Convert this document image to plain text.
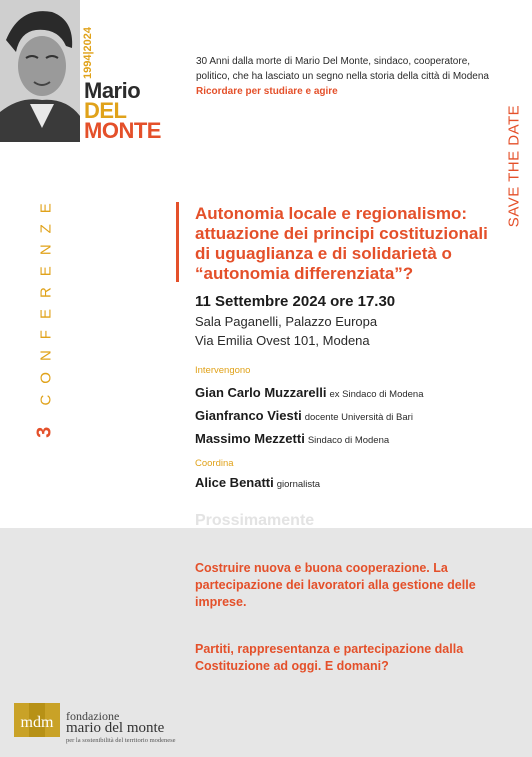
1994|2024
Mario
DEL
MONTE
30 Anni dalla morte di Mario Del Monte, sindaco, cooperatore, politico, che ha lasciato un segno nella storia della città di Modena
Ricordare per studiare e agire
SAVE THE DATE
3 CONFERENZE	Autonomia locale e regionalismo: attuazione dei principi costituzionali di uguaglianza e di solidarietà o “autonomia differenziata”?
11 Settembre 2024 ore 17.30
Sala Paganelli, Palazzo Europa
Via Emilia Ovest 101, Modena
Intervengono
Gian Carlo Muzzarelli ex Sindaco di Modena
Gianfranco Viesti docente Università di Bari
Massimo Mezzetti Sindaco di Modena
Coordina
Alice Benatti giornalista
Prossimamente
Costruire nuova e buona cooperazione. La partecipazione dei lavoratori alla gestione delle imprese.
Partiti, rappresentanza e partecipazione dalla Costituzione ad oggi. E domani?
mdm fondazione
mario del monte
per la sostenibilità del territorio modenese
